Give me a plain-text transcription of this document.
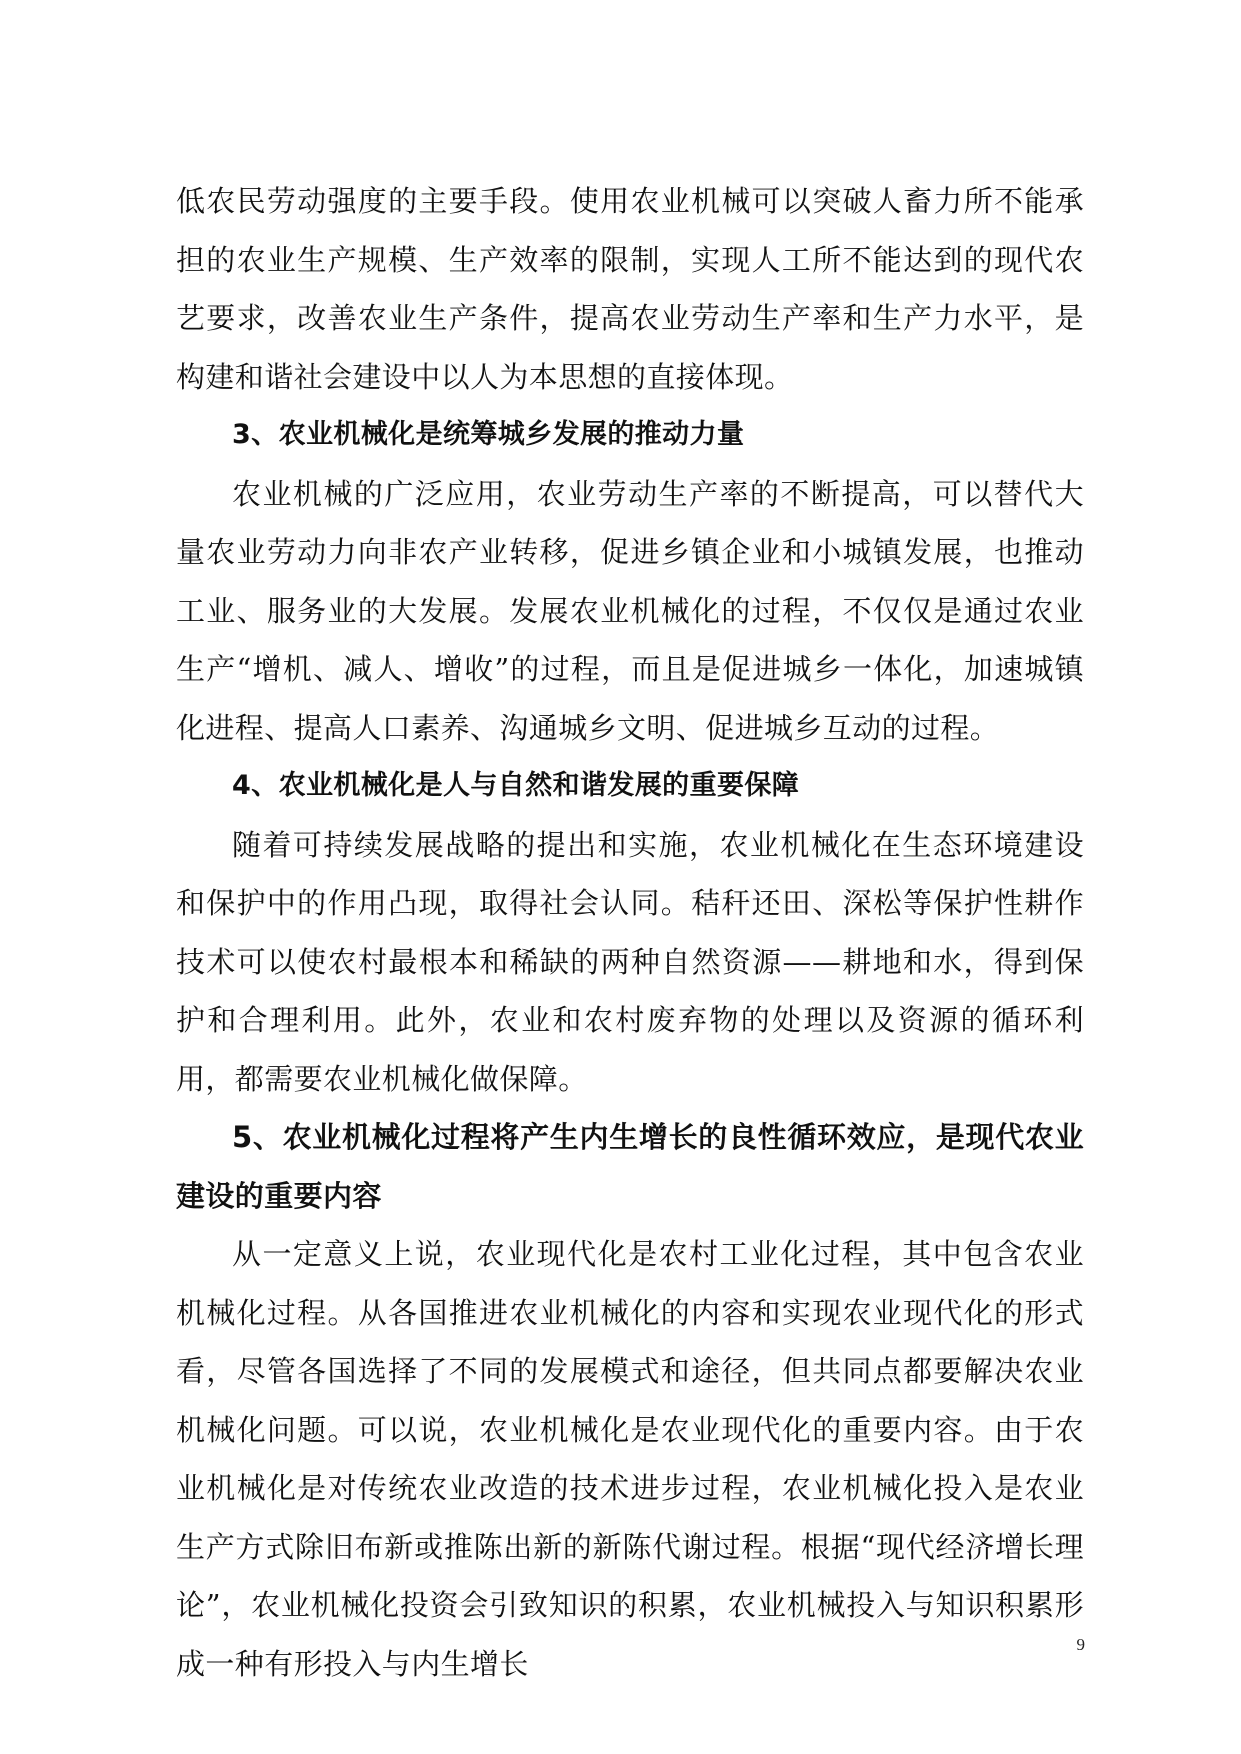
低农民劳动强度的主要手段。使用农业机械可以突破人畜力所不能承担的农业生产规模、生产效率的限制，实现人工所不能达到的现代农艺要求，改善农业生产条件，提高农业劳动生产率和生产力水平，是构建和谐社会建设中以人为本思想的直接体现。

3、农业机械化是统筹城乡发展的推动力量

农业机械的广泛应用，农业劳动生产率的不断提高，可以替代大量农业劳动力向非农产业转移，促进乡镇企业和小城镇发展，也推动工业、服务业的大发展。发展农业机械化的过程，不仅仅是通过农业生产“增机、减人、增收”的过程，而且是促进城乡一体化，加速城镇化进程、提高人口素养、沟通城乡文明、促进城乡互动的过程。

4、农业机械化是人与自然和谐发展的重要保障

随着可持续发展战略的提出和实施，农业机械化在生态环境建设和保护中的作用凸现，取得社会认同。秸秆还田、深松等保护性耕作技术可以使农村最根本和稀缺的两种自然资源——耕地和水，得到保护和合理利用。此外，农业和农村废弃物的处理以及资源的循环利用，都需要农业机械化做保障。

5、农业机械化过程将产生内生增长的良性循环效应，是现代农业建设的重要内容

从一定意义上说，农业现代化是农村工业化过程，其中包含农业机械化过程。从各国推进农业机械化的内容和实现农业现代化的形式看，尽管各国选择了不同的发展模式和途径，但共同点都要解决农业机械化问题。可以说，农业机械化是农业现代化的重要内容。由于农业机械化是对传统农业改造的技术进步过程，农业机械化投入是农业生产方式除旧布新或推陈出新的新陈代谢过程。根据“现代经济增长理论”，农业机械化投资会引致知识的积累，农业机械投入与知识积累形成一种有形投入与内生增长

9
